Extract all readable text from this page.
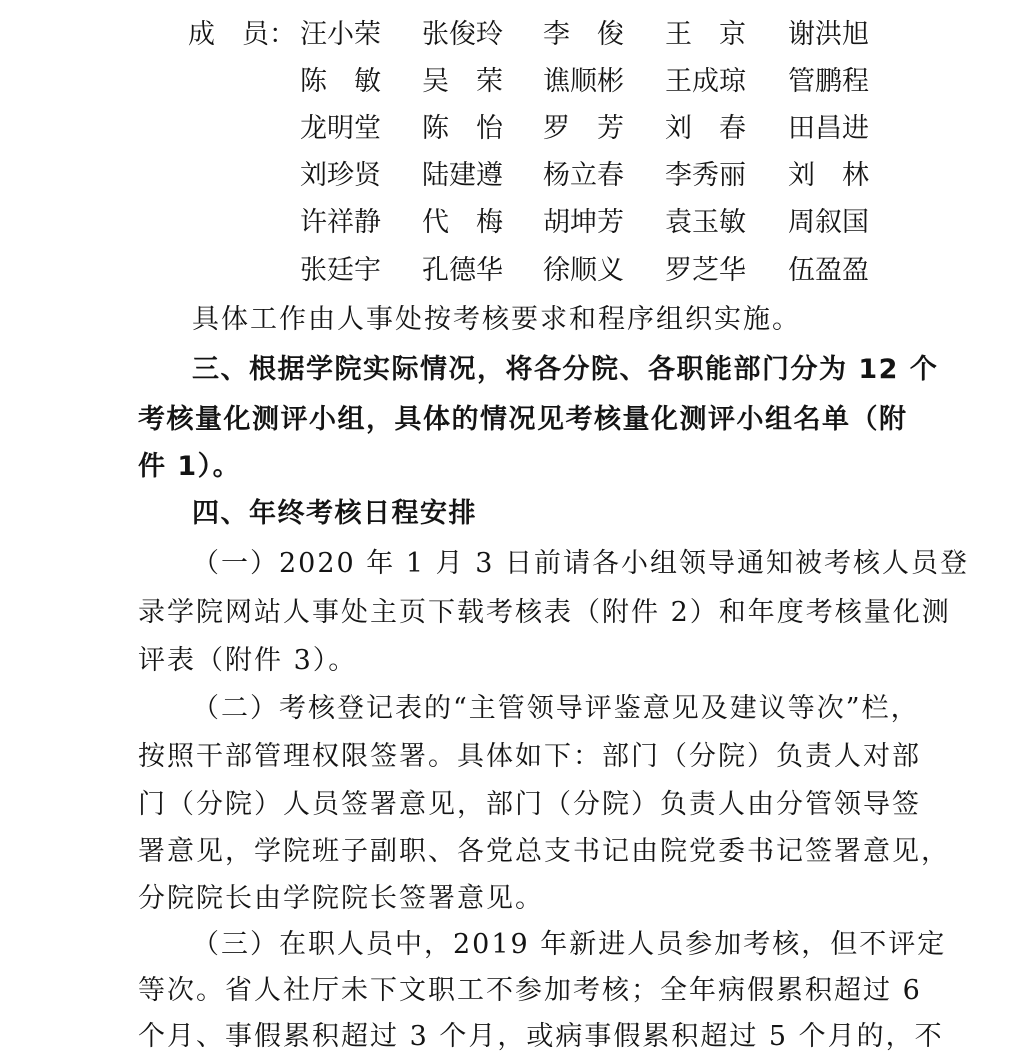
成　员： 汪小荣 张俊玲 李　俊 王　京 谢洪旭
陈　敏 吴　荣 谯顺彬 王成琼 管鹏程
龙明堂 陈　怡 罗　芳 刘　春 田昌进
刘珍贤 陆建遵 杨立春 李秀丽 刘　林
许祥静 代　梅 胡坤芳 袁玉敏 周叙国
张廷宇 孔德华 徐顺义 罗芝华 伍盈盈
具体工作由人事处按考核要求和程序组织实施。
三、根据学院实际情况，将各分院、各职能部门分为 12 个
考核量化测评小组，具体的情况见考核量化测评小组名单（附
件 1）。
四、年终考核日程安排
（一）2020 年 1 月 3 日前请各小组领导通知被考核人员登
录学院网站人事处主页下载考核表（附件 2）和年度考核量化测
评表（附件 3）。
（二）考核登记表的“主管领导评鉴意见及建议等次”栏，
按照干部管理权限签署。具体如下：部门（分院）负责人对部
门（分院）人员签署意见，部门（分院）负责人由分管领导签
署意见，学院班子副职、各党总支书记由院党委书记签署意见，
分院院长由学院院长签署意见。
（三）在职人员中，2019 年新进人员参加考核，但不评定
等次。省人社厅未下文职工不参加考核；全年病假累积超过 6
个月、事假累积超过 3 个月，或病事假累积超过 5 个月的，不
